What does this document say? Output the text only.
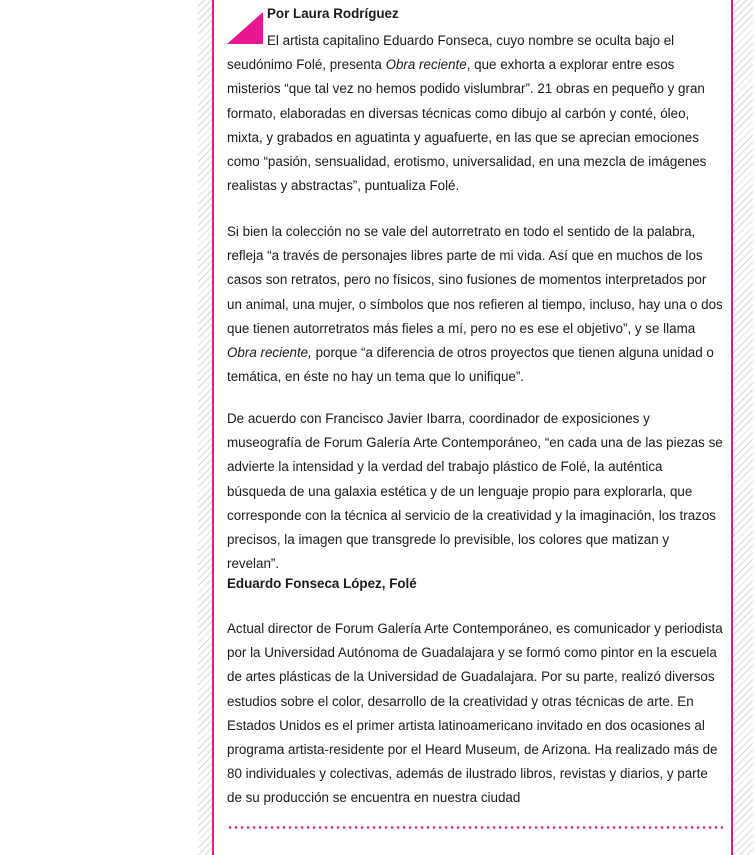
Por Laura Rodríguez

El artista capitalino Eduardo Fonseca, cuyo nombre se oculta bajo el
seudónimo Folé, presenta Obra reciente, que exhorta a explorar entre esos misterios “que tal vez no hemos podido vislumbrar”. 21 obras en pequeño y gran formato, elaboradas en diversas técnicas como dibujo al carbón y conté, óleo, mixta, y grabados en aguatinta y aguafuerte, en las que se aprecian emociones como “pasión, sensualidad, erotismo, universalidad, en una mezcla de imágenes realistas y abstractas”, puntualiza Folé.

Si bien la colección no se vale del autorretrato en todo el sentido de la palabra, refleja “a través de personajes libres parte de mi vida. Así que en muchos de los casos son retratos, pero no físicos, sino fusiones de momentos interpretados por un animal, una mujer, o símbolos que nos refieren al tiempo, incluso, hay una o dos que tienen autorretratos más fieles a mí, pero no es ese el objetivo”, y se llama Obra reciente, porque “a diferencia de otros proyectos que tienen alguna unidad o temática, en éste no hay un tema que lo unifique”.

De acuerdo con Francisco Javier Ibarra, coordinador de exposiciones y museografía de Forum Galería Arte Contemporáneo, “en cada una de las piezas se advierte la intensidad y la verdad del trabajo plástico de Folé, la auténtica búsqueda de una galaxia estética y de un lenguaje propio para explorarla, que corresponde con la técnica al servicio de la creatividad y la imaginación, los trazos precisos, la imagen que transgrede lo previsible, los colores que matizan y revelan”.

Eduardo Fonseca López, Folé

Actual director de Forum Galería Arte Contemporáneo, es comunicador y periodista por la Universidad Autónoma de Guadalajara y se formó como pintor en la escuela de artes plásticas de la Universidad de Guadalajara. Por su parte, realizó diversos estudios sobre el color, desarrollo de la creatividad y otras técnicas de arte. En Estados Unidos es el primer artista latinoamericano invitado en dos ocasiones al programa artista-residente por el Heard Museum, de Arizona. Ha realizado más de 80 individuales y colectivas, además de ilustrado libros, revistas y diarios, y parte de su producción se encuentra en nuestra ciudad
